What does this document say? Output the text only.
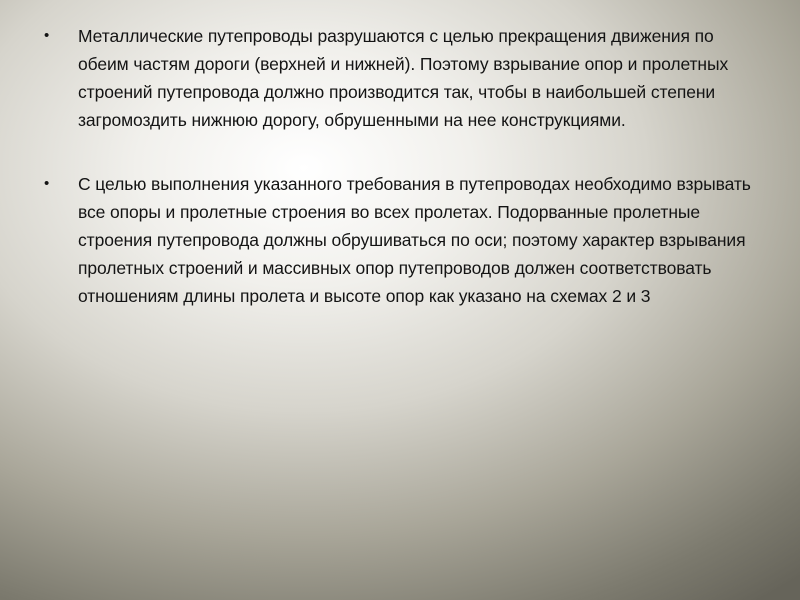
•	Металлические путепроводы разрушаются с целью прекращения движения по обеим частям дороги (верхней и нижней). Поэтому взрывание опор и пролетных строений путепровода должно производится так, чтобы в наибольшей степени загромоздить нижнюю дорогу, обрушенными на нее конструкциями.
•	С целью выполнения указанного требования в путепроводах необходимо взрывать все опоры и пролетные строения во всех пролетах. Подорванные пролетные строения путепровода должны обрушиваться по оси; поэтому характер взрывания пролетных строений и массивных опор путепроводов должен соответствовать отношениям длины пролета и высоте опор как указано на схемах 2 и 3
